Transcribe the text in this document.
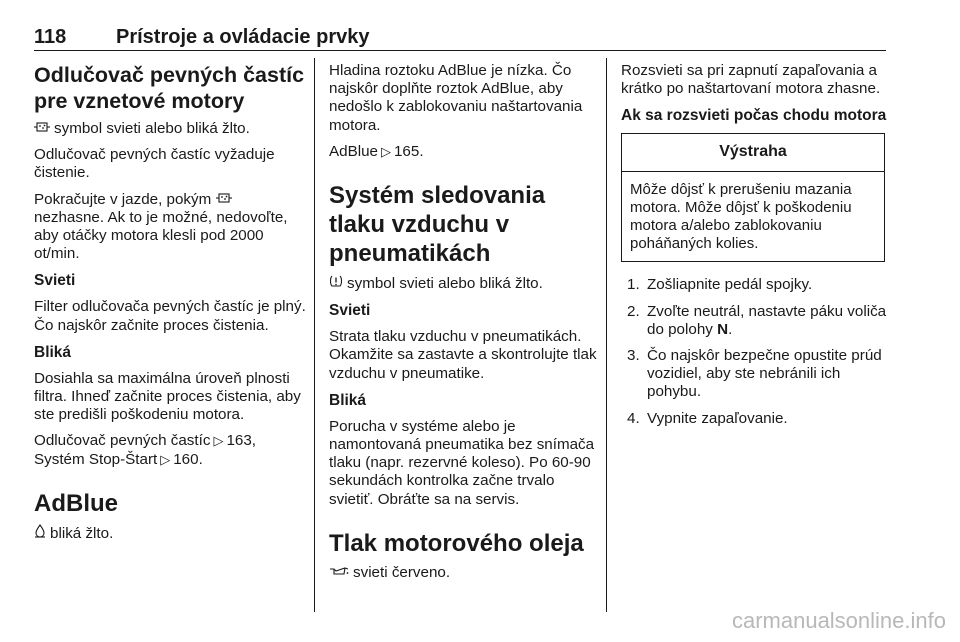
118 Prístroje a ovládacie prvky
Odlučovač pevných častíc pre vznetové motory

symbol svieti alebo bliká žlto.

Odlučovač pevných častíc vyžaduje čistenie.

Pokračujte v jazde, pokým  nezhasne. Ak to je možné, nedovoľte, aby otáčky motora klesli pod 2000 ot/min.

Svieti

Filter odlučovača pevných častíc je plný. Čo najskôr začnite proces čistenia.

Bliká

Dosiahla sa maximálna úroveň plnosti filtra. Ihneď začnite proces čistenia, aby ste predišli poškodeniu motora.

Odlučovač pevných častíc ▷ 163,
Systém Stop-Štart ▷ 160.

AdBlue

bliká žlto.

Hladina roztoku AdBlue je nízka. Čo najskôr doplňte roztok AdBlue, aby nedošlo k zablokovaniu naštartovania motora.

AdBlue ▷ 165.

Systém sledovania tlaku vzduchu v pneumatikách

symbol svieti alebo bliká žlto.

Svieti

Strata tlaku vzduchu v pneumatikách. Okamžite sa zastavte a skontrolujte tlak vzduchu v pneumatike.

Bliká

Porucha v systéme alebo je namontovaná pneumatika bez snímača tlaku (napr. rezervné koleso). Po 60-90 sekundách kontrolka začne trvalo svietiť. Obráťte sa na servis.

Tlak motorového oleja

svieti červeno.

Rozsvieti sa pri zapnutí zapaľovania a krátko po naštartovaní motora zhasne.

Ak sa rozsvieti počas chodu motora
Výstraha
Môže dôjsť k prerušeniu mazania motora. Môže dôjsť k poškodeniu motora a/alebo zablokovaniu poháňaných kolies.
1. Zošliapnite pedál spojky.
2. Zvoľte neutrál, nastavte páku voliča do polohy N.
3. Čo najskôr bezpečne opustite prúd vozidiel, aby ste nebránili ich pohybu.
4. Vypnite zapaľovanie.
carmanualsonline.info
